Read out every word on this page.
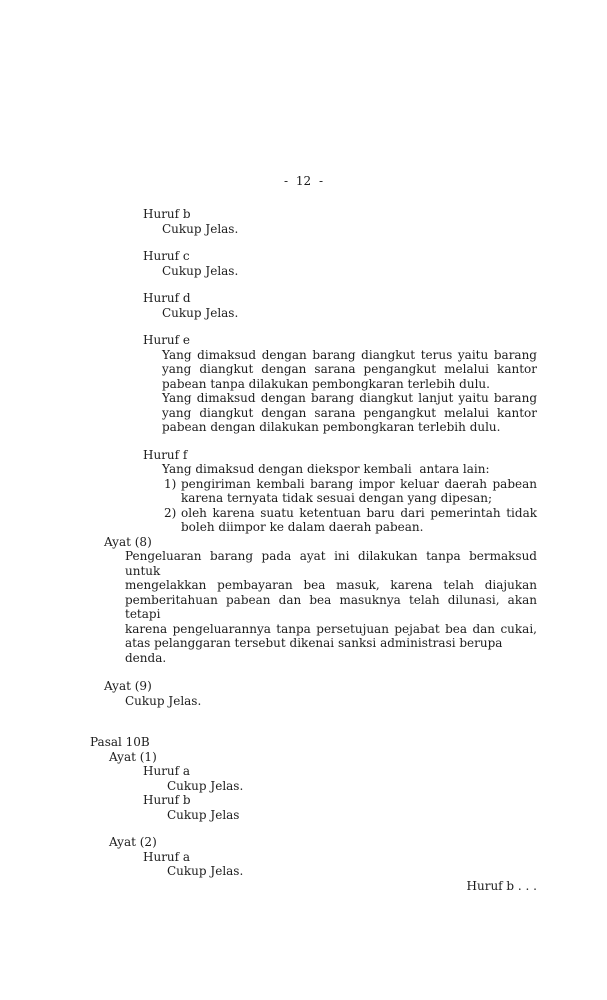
- 12 -
Huruf b
Cukup Jelas.
Huruf c
Cukup Jelas.
Huruf d
Cukup Jelas.
Huruf e
Yang dimaksud dengan barang diangkut terus yaitu barang
yang diangkut dengan sarana pengangkut melalui kantor
pabean tanpa dilakukan pembongkaran terlebih dulu.
Yang dimaksud dengan barang diangkut lanjut yaitu barang
yang diangkut dengan sarana pengangkut melalui kantor
pabean dengan dilakukan pembongkaran terlebih dulu.
Huruf f
Yang dimaksud dengan diekspor kembali  antara lain:
1) pengiriman kembali barang impor keluar daerah pabean
karena ternyata tidak sesuai dengan yang dipesan;
2) oleh karena suatu ketentuan baru dari pemerintah tidak
boleh diimpor ke dalam daerah pabean.
Ayat (8)
Pengeluaran barang pada ayat ini dilakukan tanpa bermaksud untuk
mengelakkan pembayaran bea masuk, karena telah diajukan
pemberitahuan pabean dan bea masuknya telah dilunasi, akan tetapi
karena pengeluarannya tanpa persetujuan pejabat bea dan cukai,
atas pelanggaran tersebut dikenai sanksi administrasi berupa denda.
Ayat (9)
Cukup Jelas.
Pasal 10B
Ayat (1)
Huruf a
Cukup Jelas.
Huruf b
Cukup Jelas
Ayat (2)
Huruf a
Cukup Jelas.
Huruf b . . .
